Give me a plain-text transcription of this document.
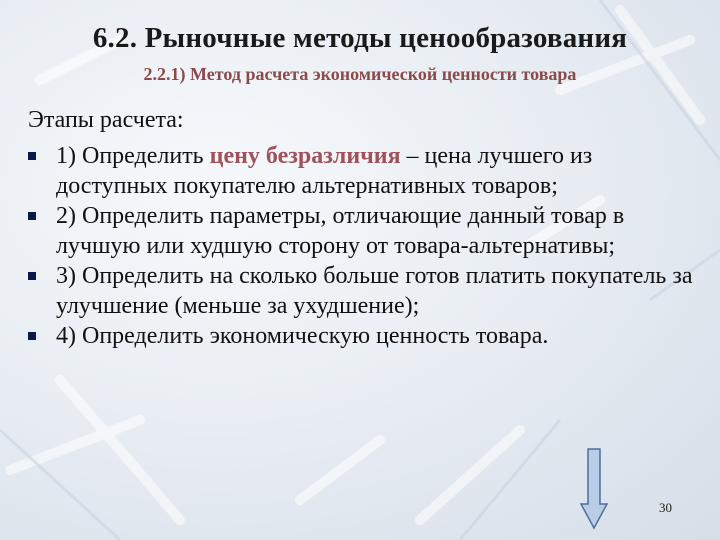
6.2. Рыночные методы ценообразования
2.2.1) Метод расчета экономической ценности товара
Этапы расчета:
1) Определить цену безразличия – цена лучшего из доступных покупателю альтернативных товаров;
2) Определить параметры, отличающие данный товар в лучшую или худшую сторону от товара-альтернативы;
3) Определить на сколько больше готов платить покупатель за улучшение (меньше за ухудшение);
4) Определить экономическую ценность товара.
30
